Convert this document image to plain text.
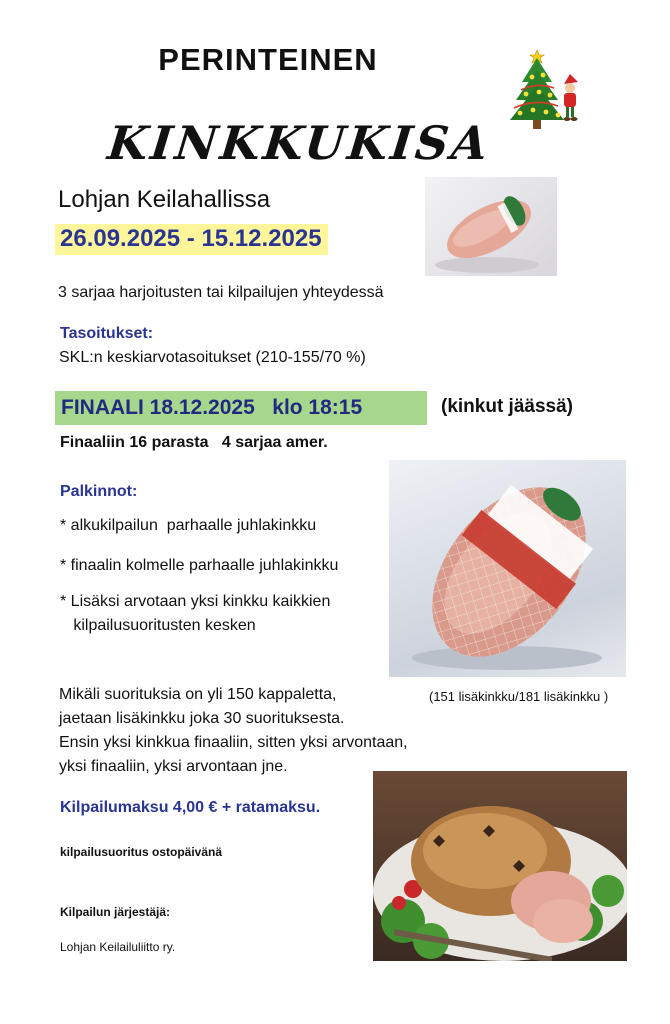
PERINTEINEN
KINKKUKISA
Lohjan Keilahallissa
26.09.2025 - 15.12.2025
3 sarjaa harjoitusten tai kilpailujen yhteydessä
Tasoitukset:
SKL:n keskiarvotasoitukset (210-155/70 %)
FINAALI 18.12.2025   klo 18:15	(kinkut jäässä)
Finaaliin 16 parasta   4 sarjaa amer.
Palkinnot:
* alkukilpailun  parhaalle juhlakinkku
* finaalin kolmelle parhaalle juhlakinkku
* Lisäksi arvotaan yksi kinkku kaikkien
kilpailusuoritusten kesken
Mikäli suorituksia on yli 150 kappaletta,
jaetaan lisäkinkku joka 30 suorituksesta.
Ensin yksi kinkkua finaaliin, sitten yksi arvontaan,
yksi finaaliin, yksi arvontaan jne.
(151 lisäkinkku/181 lisäkinkku )
Kilpailumaksu 4,00 € + ratamaksu.
kilpailusuoritus ostopäivänä
Kilpailun järjestäjä:
Lohjan Keilailuliitto ry.
